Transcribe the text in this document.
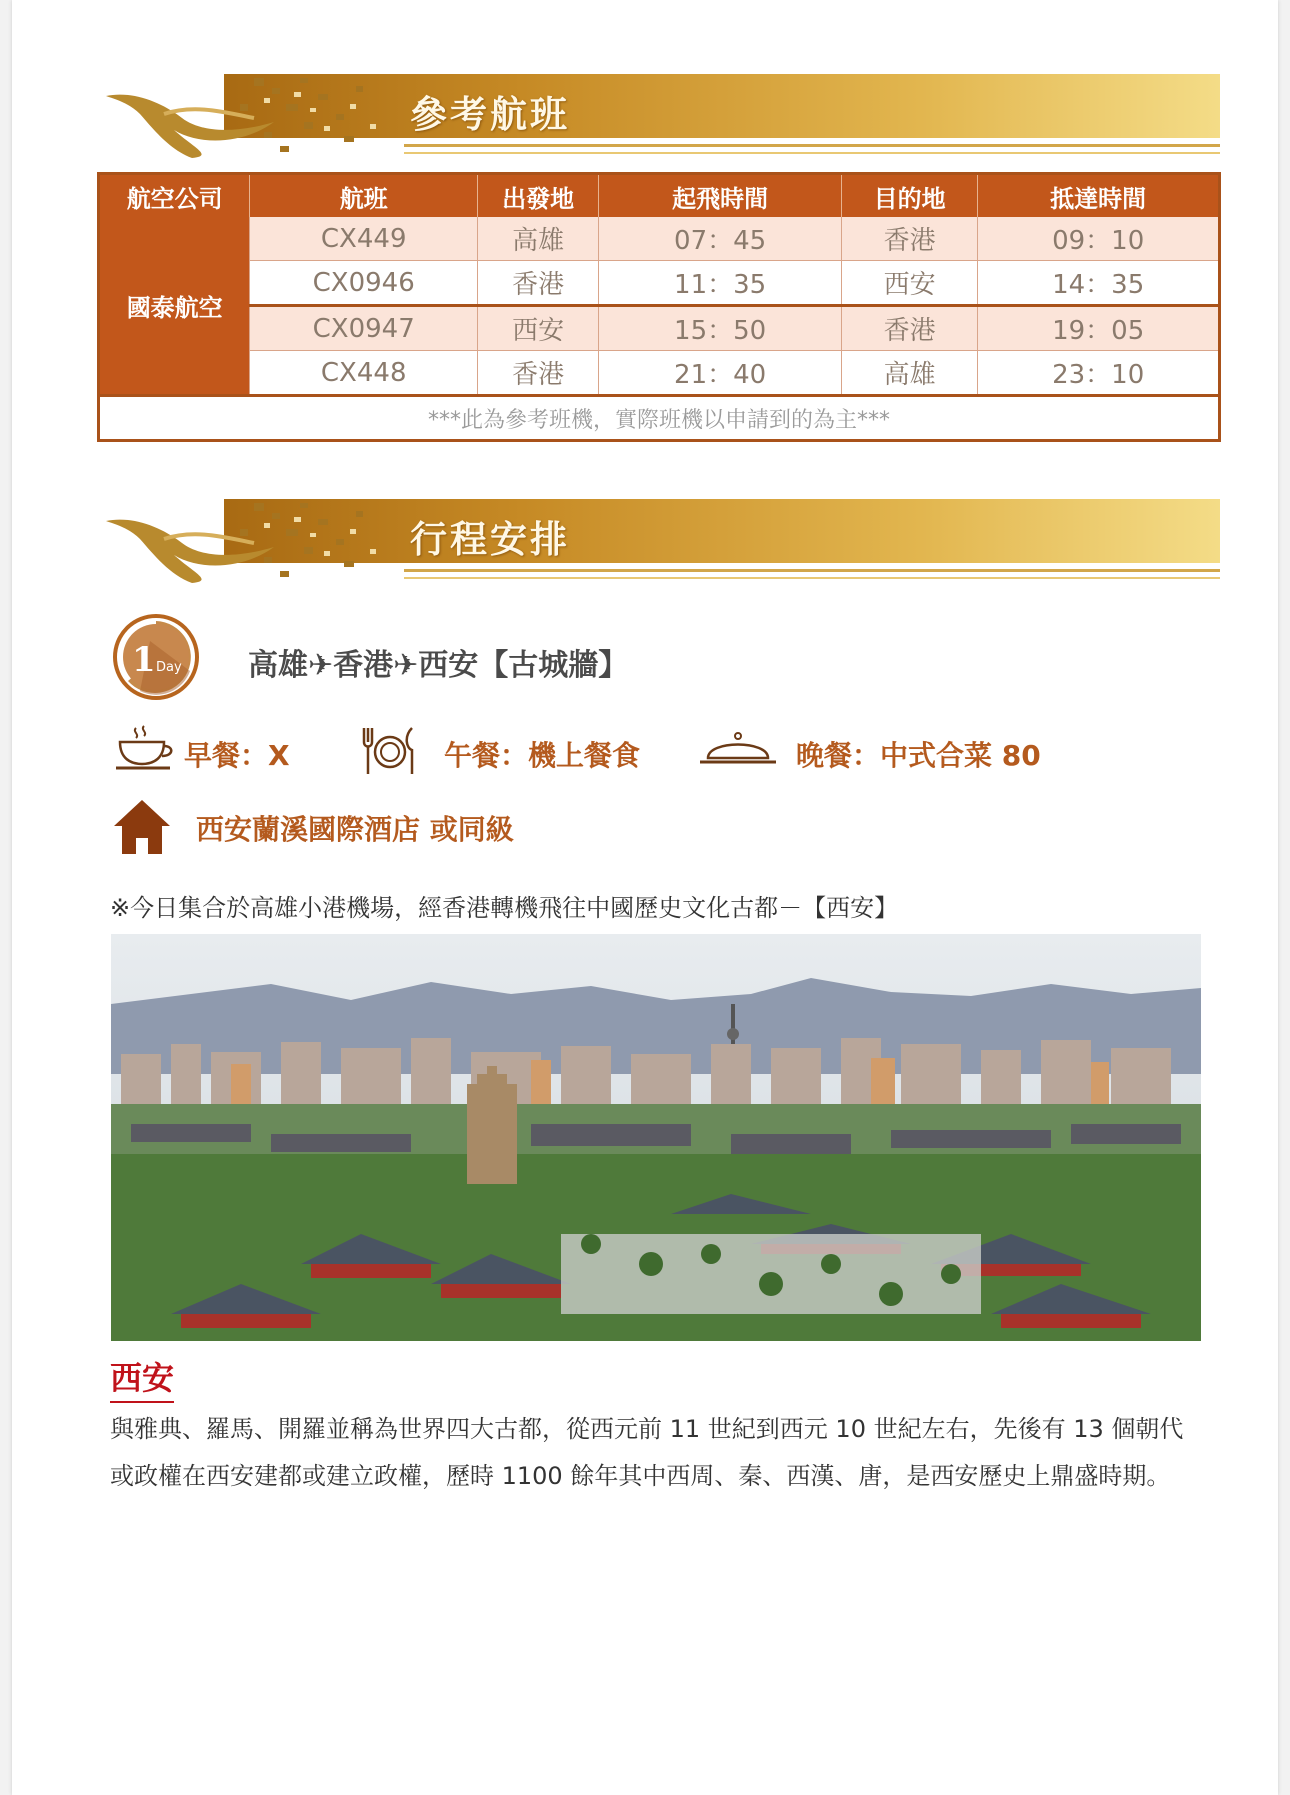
參考航班
航空公司	航班	出發地	起飛時間	目的地	抵達時間
國泰航空	CX449	高雄	07：45	香港	09：10
	CX0946	香港	11：35	西安	14：35
	CX0947	西安	15：50	香港	19：05
	CX448	香港	21：40	高雄	23：10
***此為參考班機，實際班機以申請到的為主***					
行程安排
1 Day 高雄✈香港✈西安【古城牆】
早餐：X	午餐：機上餐食	晚餐：中式合菜 80
西安蘭溪國際酒店 或同級
※今日集合於高雄小港機場，經香港轉機飛往中國歷史文化古都－【西安】
西安
與雅典、羅馬、開羅並稱為世界四大古都，從西元前 11 世紀到西元 10 世紀左右，先後有 13 個朝代或政權在西安建都或建立政權，歷時 1100 餘年其中西周、秦、西漢、唐，是西安歷史上鼎盛時期。
